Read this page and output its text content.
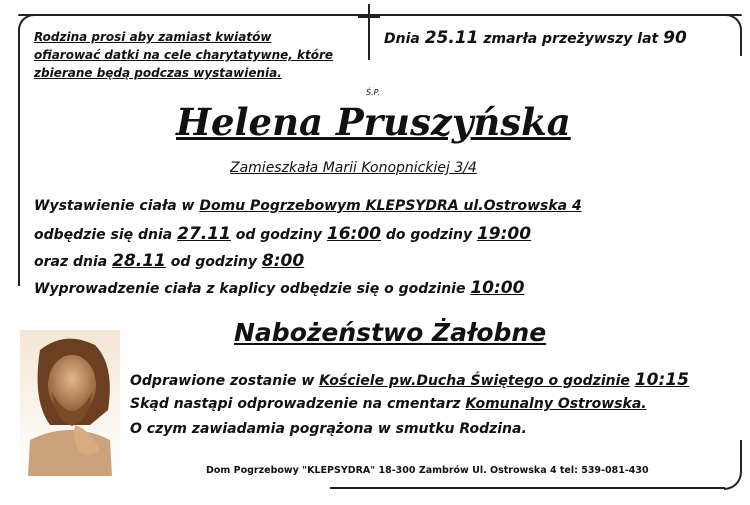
Rodzina prosi aby zamiast kwiatów
ofiarować datki na cele charytatywne, które
zbierane będą podczas wystawienia.
Dnia 25.11 zmarła przeżywszy lat 90
Ś.P.
Helena Pruszyńska
Zamieszkała Marii Konopnickiej 3/4
Wystawienie ciała w Domu Pogrzebowym KLEPSYDRA ul.Ostrowska 4
odbędzie się dnia 27.11 od godziny 16:00 do godziny 19:00
oraz dnia 28.11 od godziny 8:00
Wyprowadzenie ciała z kaplicy odbędzie się o godzinie 10:00
Nabożeństwo Żałobne
Odprawione zostanie w Kościele pw.Ducha Świętego o godzinie 10:15
Skąd nastąpi odprowadzenie na cmentarz Komunalny Ostrowska.
O czym zawiadamia pogrążona w smutku Rodzina.
Dom Pogrzebowy "KLEPSYDRA" 18-300 Zambrów Ul. Ostrowska 4 tel: 539-081-430
